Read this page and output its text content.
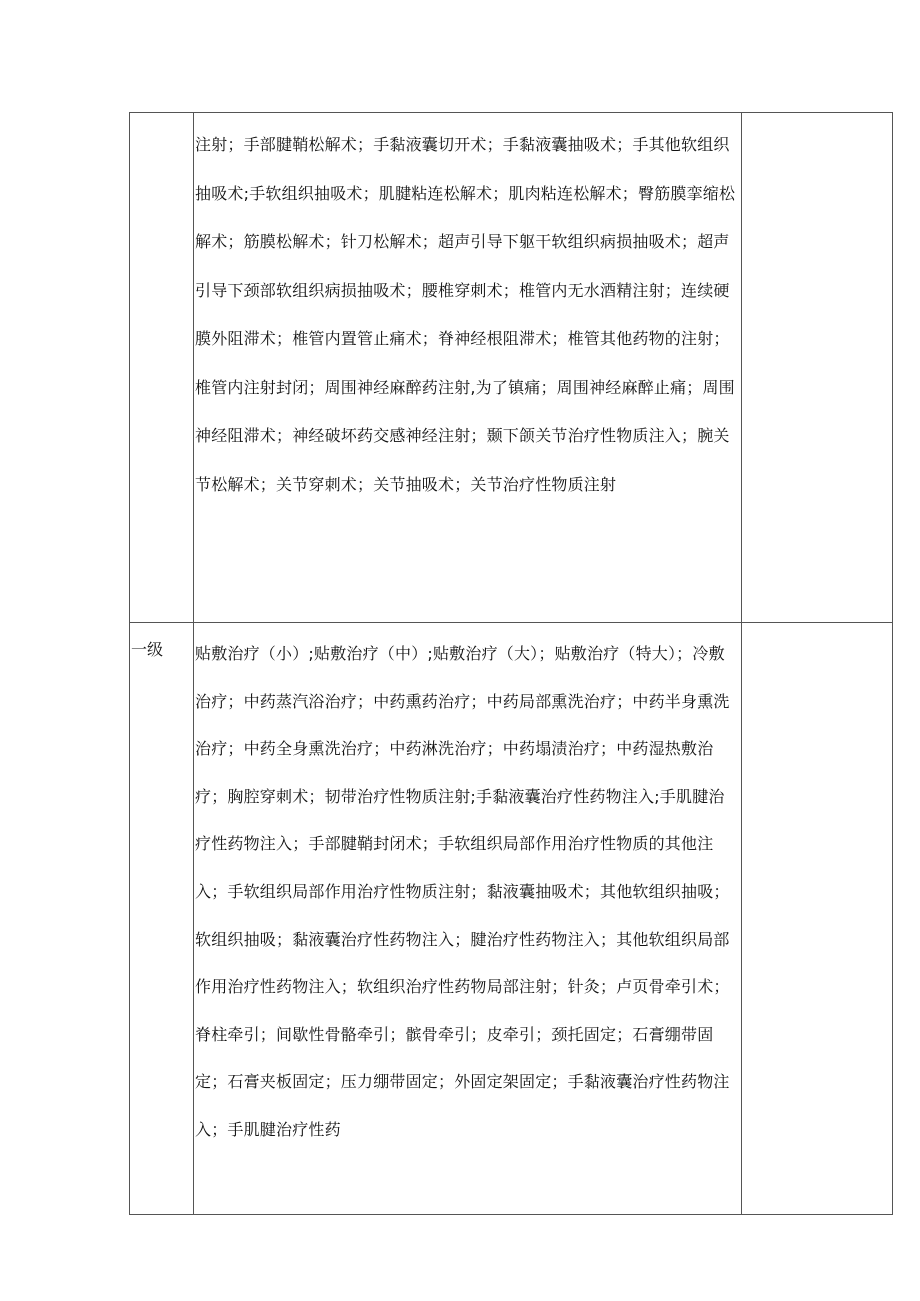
	注射；手部腱鞘松解术；手黏液囊切开术；手黏液囊抽吸术；手其他软组织抽吸术;手软组织抽吸术；肌腱粘连松解术；肌肉粘连松解术；臀筋膜挛缩松解术；筋膜松解术；针刀松解术；超声引导下躯干软组织病损抽吸术；超声引导下颈部软组织病损抽吸术；腰椎穿刺术；椎管内无水酒精注射；连续硬膜外阻滞术；椎管内置管止痛术；脊神经根阻滞术；椎管其他药物的注射；椎管内注射封闭；周围神经麻醉药注射,为了镇痛；周围神经麻醉止痛；周围神经阻滞术；神经破坏药交感神经注射；颞下颌关节治疗性物质注入；腕关节松解术；关节穿刺术；关节抽吸术；关节治疗性物质注射	
一级	贴敷治疗（小）;贴敷治疗（中）;贴敷治疗（大）；贴敷治疗（特大）；冷敷治疗；中药蒸汽浴治疗；中药熏药治疗；中药局部熏洗治疗；中药半身熏洗治疗；中药全身熏洗治疗；中药淋洗治疗；中药塌渍治疗；中药湿热敷治疗；胸腔穿刺术；韧带治疗性物质注射;手黏液囊治疗性药物注入;手肌腱治疗性药物注入；手部腱鞘封闭术；手软组织局部作用治疗性物质的其他注入；手软组织局部作用治疗性物质注射；黏液囊抽吸术；其他软组织抽吸；软组织抽吸；黏液囊治疗性药物注入；腱治疗性药物注入；其他软组织局部作用治疗性药物注入；软组织治疗性药物局部注射；针灸；卢页骨牵引术；脊柱牵引；间歇性骨骼牵引；髌骨牵引；皮牵引；颈托固定；石膏绷带固定；石膏夹板固定；压力绷带固定；外固定架固定；手黏液囊治疗性药物注入；手肌腱治疗性药	
